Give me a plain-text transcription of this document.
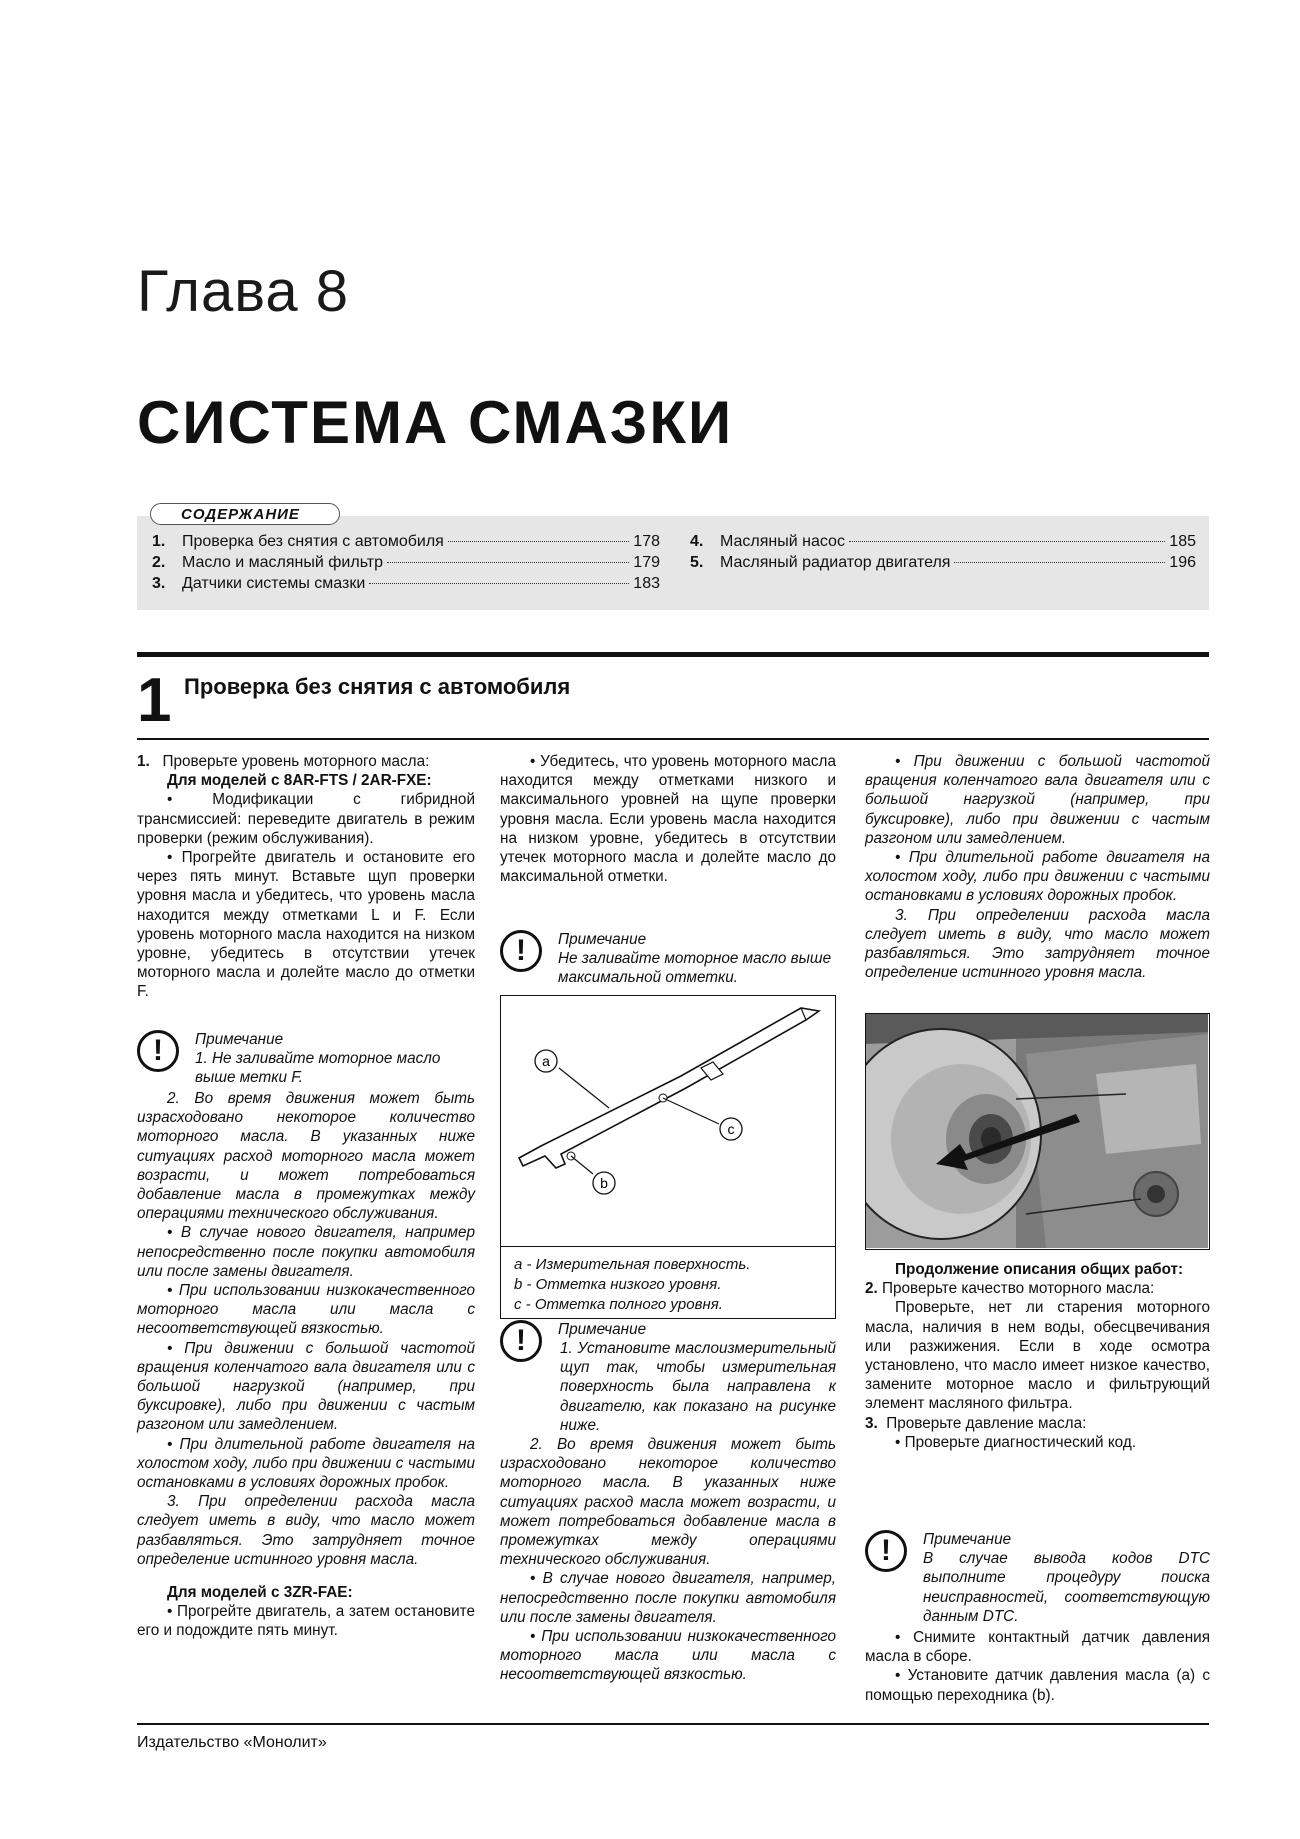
Глава 8
СИСТЕМА СМАЗКИ
СОДЕРЖАНИЕ
1.	Проверка без снятия с автомобиля	178
2.	Масло и масляный фильтр	179
3.	Датчики системы смазки	183
4.	Масляный насос	185
5.	Масляный радиатор двигателя	196
1 Проверка без снятия с автомобиля

1. Проверьте уровень моторного масла:

Для моделей с 8AR-FTS / 2AR-FXE:

• Модификации с гибридной трансмиссией: переведите двигатель в режим проверки (режим обслуживания).

• Прогрейте двигатель и остановите его через пять минут. Вставьте щуп проверки уровня масла и убедитесь, что уровень масла находится между отметками L и F. Если уровень моторного масла находится на низком уровне, убедитесь в отсутствии утечек моторного масла и долейте масло до отметки F.

!	Примечание

1. Не заливайте моторное масло выше метки F.

2. Во время движения может быть израсходовано некоторое количество моторного масла. В указанных ниже ситуациях расход моторного масла может возрасти, и может потребоваться добавление масла в промежутках между операциями технического обслуживания.

• В случае нового двигателя, например непосредственно после покупки автомобиля или после замены двигателя.

• При использовании низкокачественного моторного масла или масла с несоответствующей вязкостью.

• При движении с большой частотой вращения коленчатого вала двигателя или с большой нагрузкой (например, при буксировке), либо при движении с частым разгоном или замедлением.

• При длительной работе двигателя на холостом ходу, либо при движении с частыми остановками в условиях дорожных пробок.

3. При определении расхода масла следует иметь в виду, что масло может разбавляться. Это затрудняет точное определение истинного уровня масла.

Для моделей с 3ZR-FAE:

• Прогрейте двигатель, а затем остановите его и подождите пять минут.

• Убедитесь, что уровень моторного масла находится между отметками низкого и максимального уровней на щупе проверки уровня масла. Если уровень масла находится на низком уровне, убедитесь в отсутствии утечек моторного масла и долейте масло до максимальной отметки.

!	Примечание

Не заливайте моторное масло выше максимальной отметки.

a
b
c
a - Измерительная поверхность.
b - Отметка низкого уровня.
c - Отметка полного уровня.
!	Примечание

1. Установите маслоизмерительный щуп так, чтобы измерительная поверхность была направлена к двигателю, как показано на рисунке ниже.

2. Во время движения может быть израсходовано некоторое количество моторного масла. В указанных ниже ситуациях расход масла может возрасти, и может потребоваться добавление масла в промежутках между операциями технического обслуживания.

• В случае нового двигателя, например, непосредственно после покупки автомобиля или после замены двигателя.

• При использовании низкокачественного моторного масла или масла с несоответствующей вязкостью.

• При движении с большой частотой вращения коленчатого вала двигателя или с большой нагрузкой (например, при буксировке), либо при движении с частым разгоном или замедлением.

• При длительной работе двигателя на холостом ходу, либо при движении с частыми остановками в условиях дорожных пробок.

3. При определении расхода масла следует иметь в виду, что масло может разбавляться. Это затрудняет точное определение истинного уровня масла.

Продолжение описания общих работ:

2. Проверьте качество моторного масла:

Проверьте, нет ли старения моторного масла, наличия в нем воды, обесцвечивания или разжижения. Если в ходе осмотра установлено, что масло имеет низкое качество, замените моторное масло и фильтрующий элемент масляного фильтра.

3. Проверьте давление масла:

• Проверьте диагностический код.

!	Примечание

В случае вывода кодов DTC выполните процедуру поиска неисправностей, соответствующую данным DTC.

• Снимите контактный датчик давления масла в сборе.

• Установите датчик давления масла (a) с помощью переходника (b).

Издательство «Монолит»
